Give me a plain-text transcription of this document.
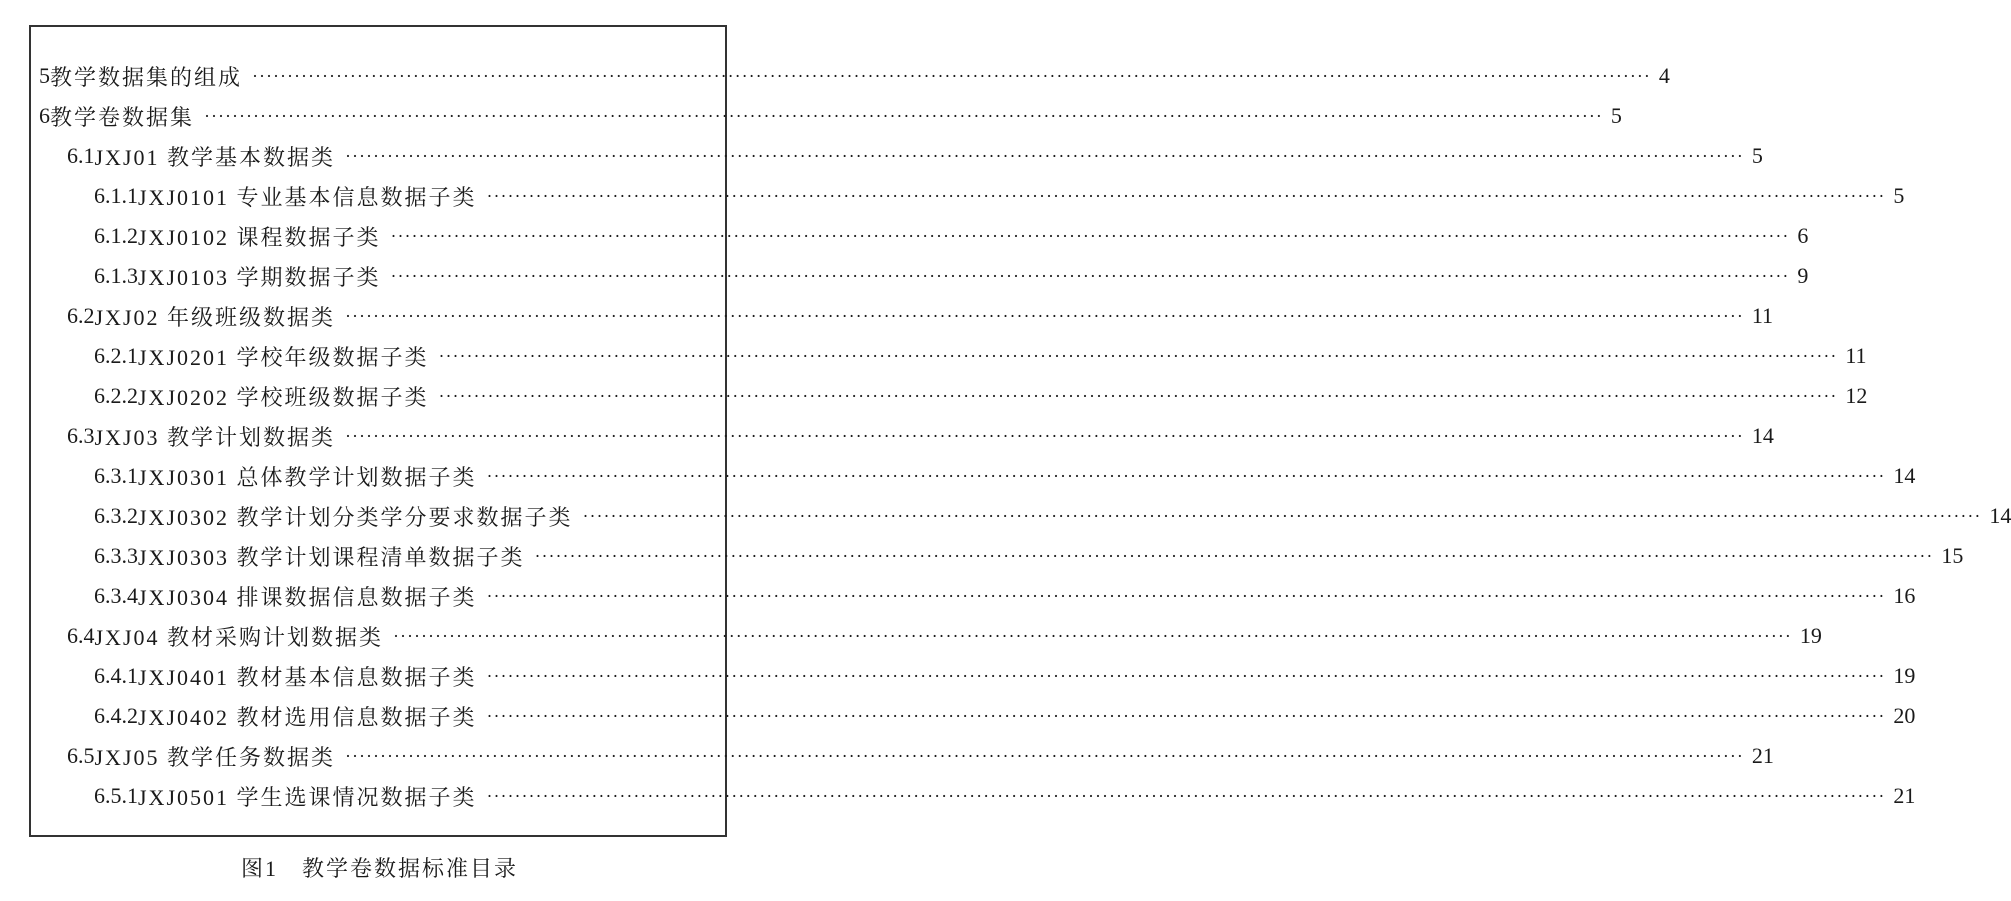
5 教学数据集的组成 ········································································································································································································ 4
6 教学卷数据集 ········································································································································································································ 5
6.1 JXJ01 教学基本数据类 ········································································································································································································ 5
6.1.1 JXJ0101 专业基本信息数据子类 ········································································································································································································ 5
6.1.2 JXJ0102 课程数据子类 ········································································································································································································ 6
6.1.3 JXJ0103 学期数据子类 ········································································································································································································ 9
6.2 JXJ02 年级班级数据类 ········································································································································································································ 11
6.2.1 JXJ0201 学校年级数据子类 ········································································································································································································ 11
6.2.2 JXJ0202 学校班级数据子类 ········································································································································································································ 12
6.3 JXJ03 教学计划数据类 ········································································································································································································ 14
6.3.1 JXJ0301 总体教学计划数据子类 ········································································································································································································ 14
6.3.2 JXJ0302 教学计划分类学分要求数据子类 ········································································································································································································ 14
6.3.3 JXJ0303 教学计划课程清单数据子类 ········································································································································································································ 15
6.3.4 JXJ0304 排课数据信息数据子类 ········································································································································································································ 16
6.4 JXJ04 教材采购计划数据类 ········································································································································································································ 19
6.4.1 JXJ0401 教材基本信息数据子类 ········································································································································································································ 19
6.4.2 JXJ0402 教材选用信息数据子类 ········································································································································································································ 20
6.5 JXJ05 教学任务数据类 ········································································································································································································ 21
6.5.1 JXJ0501 学生选课情况数据子类 ········································································································································································································ 21
图1　教学卷数据标准目录
